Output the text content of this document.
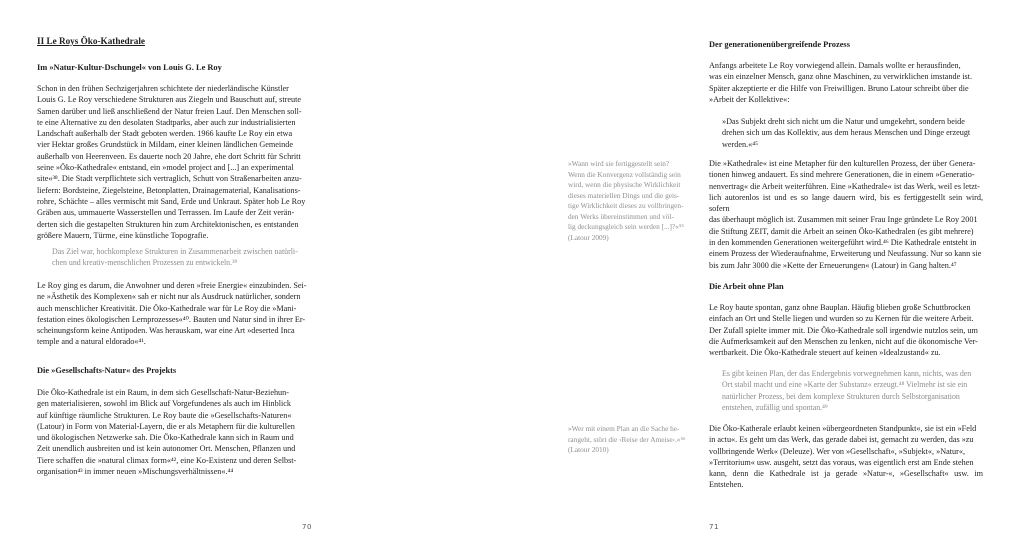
II Le Roys Öko-Kathedrale

Im »Natur-Kultur-Dschungel« von Louis G. Le Roy

Schon in den frühen Sechzigerjahren schichtete der niederländische Künstler
Louis G. Le Roy verschiedene Strukturen aus Ziegeln und Bauschutt auf, streute
Samen darüber und ließ anschließend der Natur freien Lauf. Den Menschen soll-
te eine Alternative zu den desolaten Stadtparks, aber auch zur industrialisierten
Landschaft außerhalb der Stadt geboten werden. 1966 kaufte Le Roy ein etwa
vier Hektar großes Grundstück in Mildam, einer kleinen ländlichen Gemeinde
außerhalb von Heerenveen. Es dauerte noch 20 Jahre, ehe dort Schritt für Schritt
seine »Öko-Kathedrale« entstand, ein »model project and [...] an experimental
site«³⁸. Die Stadt verpflichtete sich vertraglich, Schutt von Straßenarbeiten anzu-
liefern: Bordsteine, Ziegelsteine, Betonplatten, Drainagematerial, Kanalisations-
rohre, Schächte – alles vermischt mit Sand, Erde und Unkraut. Später hob Le Roy
Gräben aus, ummauerte Wasserstellen und Terrassen. Im Laufe der Zeit verän-
derten sich die gestapelten Strukturen hin zum Architektonischen, es entstanden
größere Mauern, Türme, eine künstliche Topografie.

Das Ziel war, hochkomplexe Strukturen in Zusammenarbeit zwischen natürli-
chen und kreativ-menschlichen Prozessen zu entwickeln.³⁹

Le Roy ging es darum, die Anwohner und deren »freie Energie« einzubinden. Sei-
ne »Ästhetik des Komplexen« sah er nicht nur als Ausdruck natürlicher, sondern
auch menschlicher Kreativität. Die Öko-Kathedrale war für Le Roy die »Mani-
festation eines ökologischen Lernprozesses«⁴⁰. Bauten und Natur sind in ihrer Er-
scheinungsform keine Antipoden. Was herauskam, war eine Art »deserted Inca
temple and a natural eldorado«⁴¹.

Die »Gesellschafts-Natur« des Projekts

Die Öko-Kathedrale ist ein Raum, in dem sich Gesellschaft-Natur-Beziehun-
gen materialisieren, sowohl im Blick auf Vorgefundenes als auch im Hinblick
auf künftige räumliche Strukturen. Le Roy baute die »Gesellschafts-Naturen«
(Latour) in Form von Material-Layern, die er als Metaphern für die kulturellen
und ökologischen Netzwerke sah. Die Öko-Kathedrale kann sich in Raum und
Zeit unendlich ausbreiten und ist kein autonomer Ort. Menschen, Pflanzen und
Tiere schaffen die »natural climax form«⁴², eine Ko-Existenz und deren Selbst-
organisation⁴³ in immer neuen »Mischungsverhältnissen«.⁴⁴

70

Der generationenübergreifende Prozess

Anfangs arbeitete Le Roy vorwiegend allein. Damals wollte er herausfinden,
was ein einzelner Mensch, ganz ohne Maschinen, zu verwirklichen imstande ist.
Später akzeptierte er die Hilfe von Freiwilligen. Bruno Latour schreibt über die
»Arbeit der Kollektive«:

»Das Subjekt dreht sich nicht um die Natur und umgekehrt, sondern beide
drehen sich um das Kollektiv, aus dem heraus Menschen und Dinge erzeugt
werden.«⁴⁵

»Wann wird sie fertiggestellt sein?
Wenn die Konvergenz vollständig sein
wird, wenn die physische Wirklichkeit
dieses materiellen Dings und die geis-
tige Wirklichkeit dieses zu vollbringen-
den Werks übereinstimmen und völ-
lig deckungsgleich sein werden [...]?«⁵⁵
(Latour 2009)

Die »Kathedrale« ist eine Metapher für den kulturellen Prozess, der über Genera-
tionen hinweg andauert. Es sind mehrere Generationen, die in einem »Generatio-
nenvertrag« die Arbeit weiterführen. Eine »Kathedrale« ist das Werk, weil es letzt-
lich autorenlos ist und es so lange dauern wird, bis es fertiggestellt sein wird, sofern
das überhaupt möglich ist. Zusammen mit seiner Frau Inge gründete Le Roy 2001
die Stiftung ZEIT, damit die Arbeit an seinen Öko-Kathedralen (es gibt mehrere)
in den kommenden Generationen weitergeführt wird.⁴⁶ Die Kathedrale entsteht in
einem Prozess der Wiederaufnahme, Erweiterung und Neufassung. Nur so kann sie
bis zum Jahr 3000 die »Kette der Erneuerungen« (Latour) in Gang halten.⁴⁷

Die Arbeit ohne Plan

Le Roy baute spontan, ganz ohne Bauplan. Häufig blieben große Schuttbrocken
einfach an Ort und Stelle liegen und wurden so zu Kernen für die weitere Arbeit.
Der Zufall spielte immer mit. Die Öko-Kathedrale soll irgendwie nutzlos sein, um
die Aufmerksamkeit auf den Menschen zu lenken, nicht auf die ökonomische Ver-
wertbarkeit. Die Öko-Kathedrale steuert auf keinen »Idealzustand« zu.

Es gibt keinen Plan, der das Endergebnis vorwegnehmen kann, nichts, was den
Ort stabil macht und eine »Karte der Substanz« erzeugt.⁴⁸ Vielmehr ist sie ein
natürlicher Prozess, bei dem komplexe Strukturen durch Selbstorganisation
entstehen, zufällig und spontan.⁴⁹

»Wer mit einem Plan an die Sache he-
rangeht, stört die ›Reise der Ameise‹.«⁵⁶
(Latour 2010)

Die Öko-Katherale erlaubt keinen »übergeordneten Standpunkt«, sie ist ein »Feld
in actu«. Es geht um das Werk, das gerade dabei ist, gemacht zu werden, das »zu
vollbringende Werk« (Deleuze). Wer von »Gesellschaft«, »Subjekt«, »Natur«,
»Territorium« usw. ausgeht, setzt das voraus, was eigentlich erst am Ende stehen
kann, denn die Kathedrale ist ja gerade »Natur-«, »Gesellschaft« usw. im Entstehen.

71
